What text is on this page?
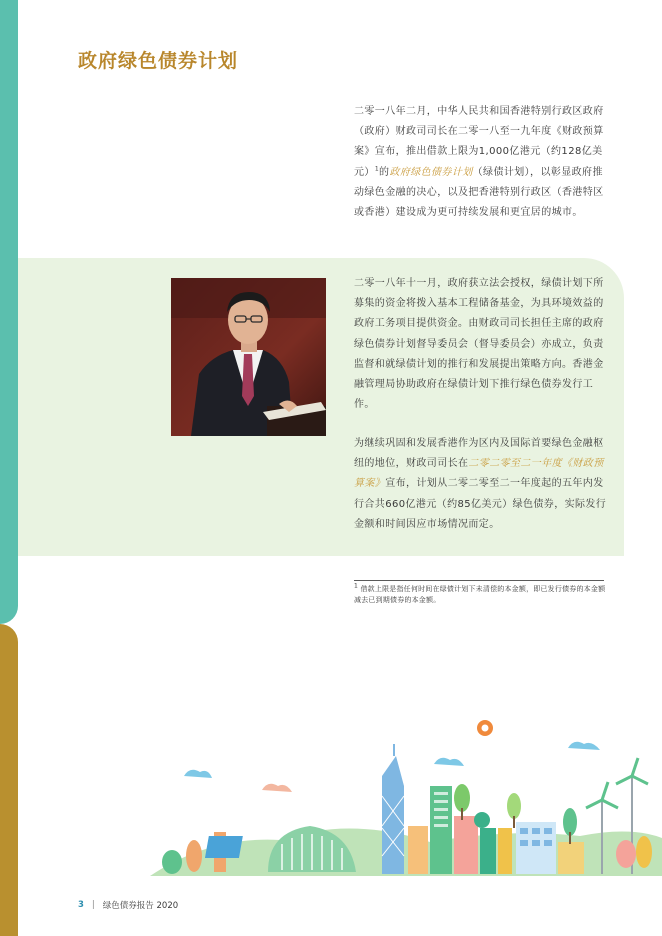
政府绿色债券计划

二零一八年二月，中华人民共和国香港特别行政区政府（政府）财政司司长在二零一八至一九年度《财政预算案》宣布，推出借款上限为1,000亿港元（约128亿美元）$^1$的政府绿色债券计划（绿债计划），以彰显政府推动绿色金融的决心，以及把香港特别行政区（香港特区或香港）建设成为更可持续发展和更宜居的城市。

二零一八年十一月，政府获立法会授权，绿债计划下所募集的资金将拨入基本工程储备基金，为具环境效益的政府工务项目提供资金。由财政司司长担任主席的政府绿色债券计划督导委员会（督导委员会）亦成立，负责监督和就绿债计划的推行和发展提出策略方向。香港金融管理局协助政府在绿债计划下推行绿色债券发行工作。

为继续巩固和发展香港作为区内及国际首要绿色金融枢纽的地位，财政司司长在二零二零至二一年度《财政预算案》宣布，计划从二零二零至二一年度起的五年内发行合共660亿港元（约85亿美元）绿色债券，实际发行金额和时间因应市场情况而定。

1 借款上限是指任何时间在绿债计划下未清偿的本金额，即已发行债券的本金额减去已到期债券的本金额。

3 | 绿色债券报告 2020
